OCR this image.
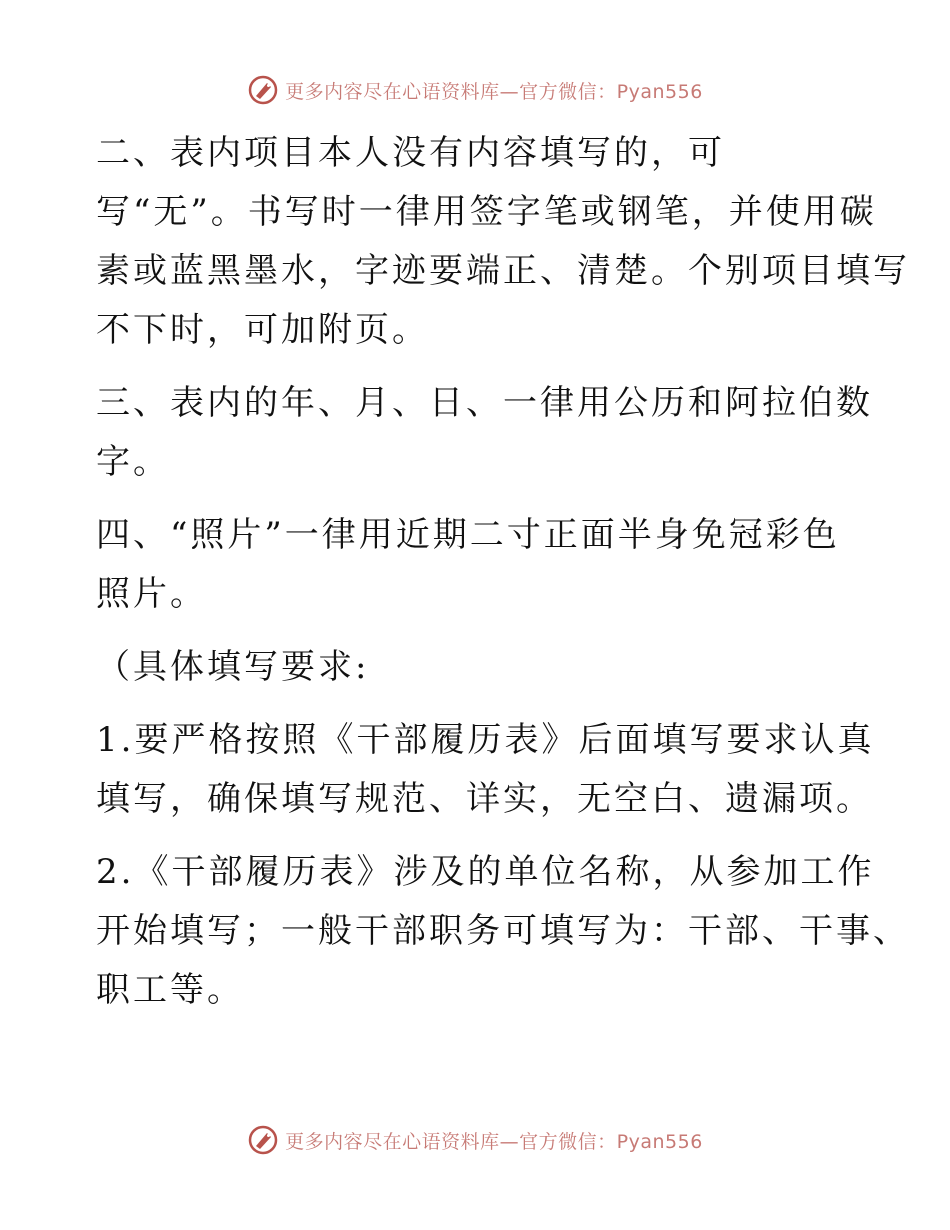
更多内容尽在心语资料库—官方微信：Pyan556

二、表内项目本人没有内容填写的，可
写“无”。书写时一律用签字笔或钢笔，并使用碳
素或蓝黑墨水，字迹要端正、清楚。个别项目填写
不下时，可加附页。

三、表内的年、月、日、一律用公历和阿拉伯数
字。

四、“照片”一律用近期二寸正面半身免冠彩色
照片。

（具体填写要求:

1.要严格按照《干部履历表》后面填写要求认真
填写，确保填写规范、详实，无空白、遗漏项。

2.《干部履历表》涉及的单位名称，从参加工作
开始填写；一般干部职务可填写为：干部、干事、
职工等。

更多内容尽在心语资料库—官方微信：Pyan556
